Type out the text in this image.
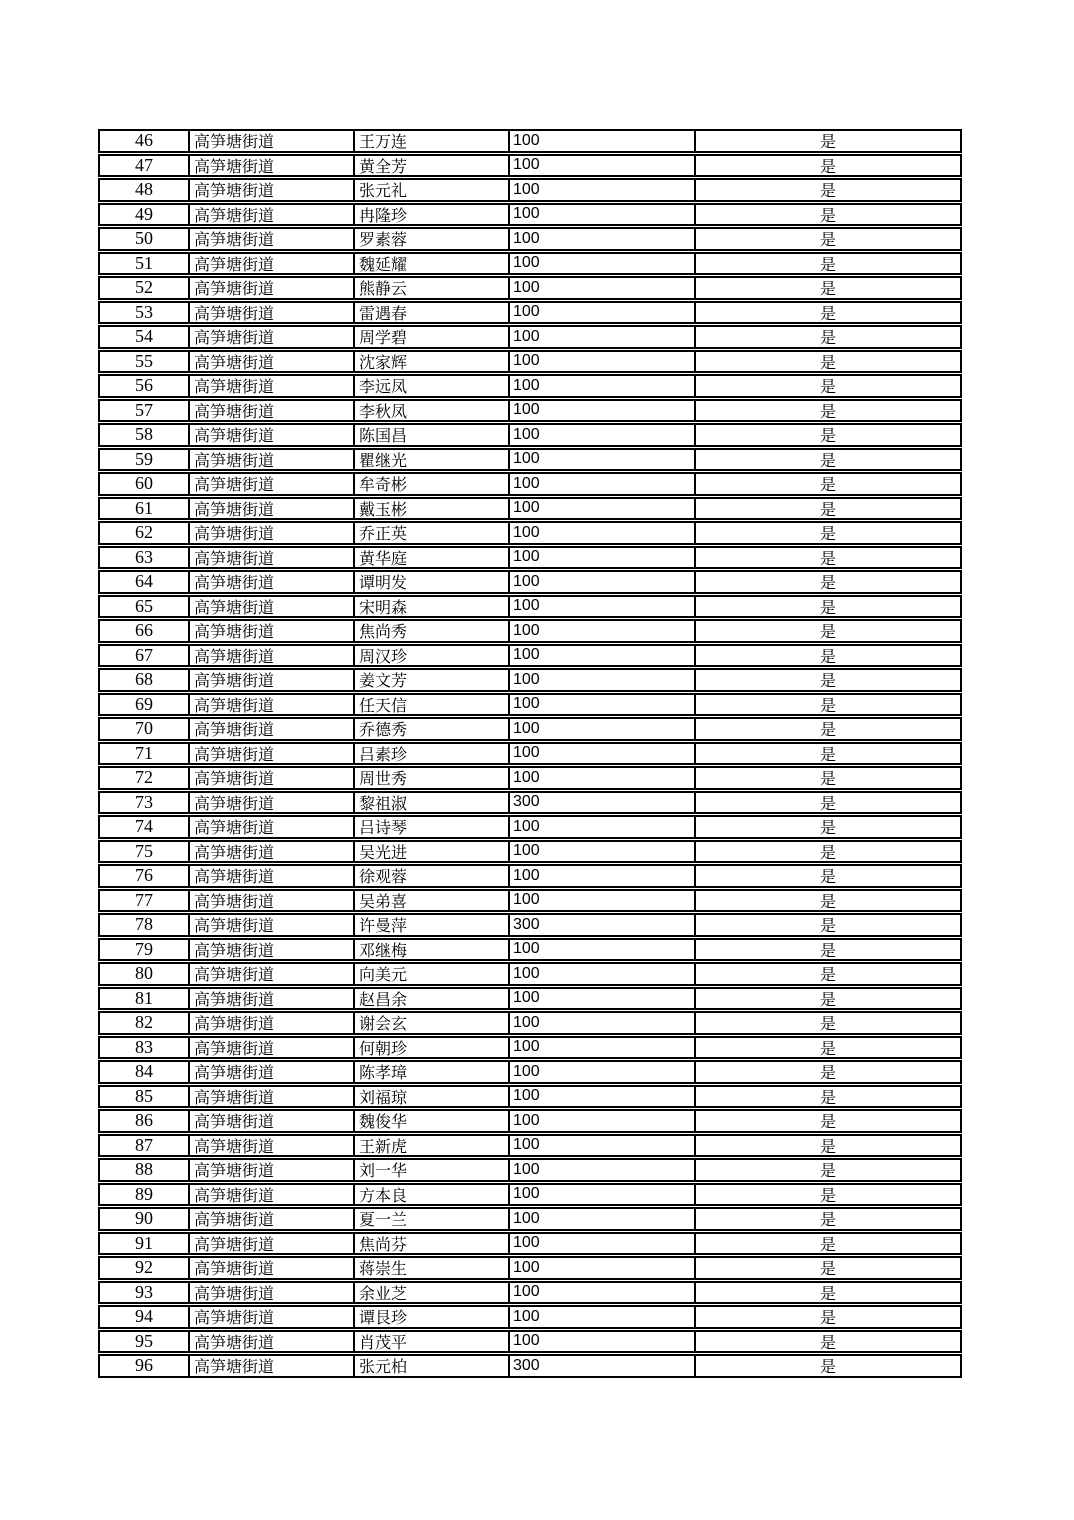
46	高笋塘街道	王万连	100	是
47	高笋塘街道	黄全芳	100	是
48	高笋塘街道	张元礼	100	是
49	高笋塘街道	冉隆珍	100	是
50	高笋塘街道	罗素蓉	100	是
51	高笋塘街道	魏延耀	100	是
52	高笋塘街道	熊静云	100	是
53	高笋塘街道	雷遇春	100	是
54	高笋塘街道	周学碧	100	是
55	高笋塘街道	沈家辉	100	是
56	高笋塘街道	李远凤	100	是
57	高笋塘街道	李秋凤	100	是
58	高笋塘街道	陈国昌	100	是
59	高笋塘街道	瞿继光	100	是
60	高笋塘街道	牟奇彬	100	是
61	高笋塘街道	戴玉彬	100	是
62	高笋塘街道	乔正英	100	是
63	高笋塘街道	黄华庭	100	是
64	高笋塘街道	谭明发	100	是
65	高笋塘街道	宋明森	100	是
66	高笋塘街道	焦尚秀	100	是
67	高笋塘街道	周汉珍	100	是
68	高笋塘街道	姜文芳	100	是
69	高笋塘街道	任天信	100	是
70	高笋塘街道	乔德秀	100	是
71	高笋塘街道	吕素珍	100	是
72	高笋塘街道	周世秀	100	是
73	高笋塘街道	黎祖淑	300	是
74	高笋塘街道	吕诗琴	100	是
75	高笋塘街道	吴光进	100	是
76	高笋塘街道	徐观蓉	100	是
77	高笋塘街道	吴弟喜	100	是
78	高笋塘街道	许曼萍	300	是
79	高笋塘街道	邓继梅	100	是
80	高笋塘街道	向美元	100	是
81	高笋塘街道	赵昌余	100	是
82	高笋塘街道	谢会玄	100	是
83	高笋塘街道	何朝珍	100	是
84	高笋塘街道	陈孝璋	100	是
85	高笋塘街道	刘福琼	100	是
86	高笋塘街道	魏俊华	100	是
87	高笋塘街道	王新虎	100	是
88	高笋塘街道	刘一华	100	是
89	高笋塘街道	方本良	100	是
90	高笋塘街道	夏一兰	100	是
91	高笋塘街道	焦尚芬	100	是
92	高笋塘街道	蒋崇生	100	是
93	高笋塘街道	余业芝	100	是
94	高笋塘街道	谭艮珍	100	是
95	高笋塘街道	肖茂平	100	是
96	高笋塘街道	张元柏	300	是
